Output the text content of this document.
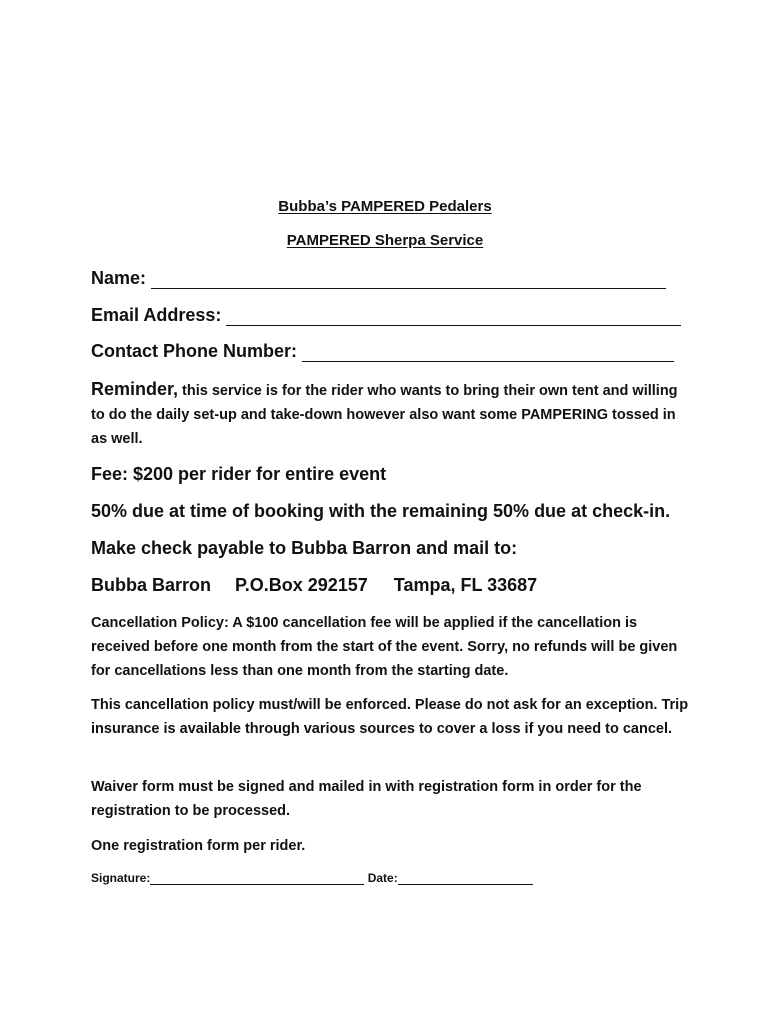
Bubba’s PAMPERED Pedalers
PAMPERED Sherpa Service
Name:
Email Address:
Contact Phone Number:
Reminder, this service is for the rider who wants to bring their own tent and willing to do the daily set-up and take-down however also want some PAMPERING tossed in as well.
Fee: $200 per rider for entire event
50% due at time of booking with the remaining 50% due at check-in.
Make check payable to Bubba Barron and mail to:
Bubba Barron P.O.Box 292157 Tampa, FL 33687
Cancellation Policy: A $100 cancellation fee will be applied if the cancellation is received before one month from the start of the event. Sorry, no refunds will be given for cancellations less than one month from the starting date.
This cancellation policy must/will be enforced. Please do not ask for an exception. Trip insurance is available through various sources to cover a loss if you need to cancel.
Waiver form must be signed and mailed in with registration form in order for the registration to be processed.
One registration form per rider.
Signature:	Date:
